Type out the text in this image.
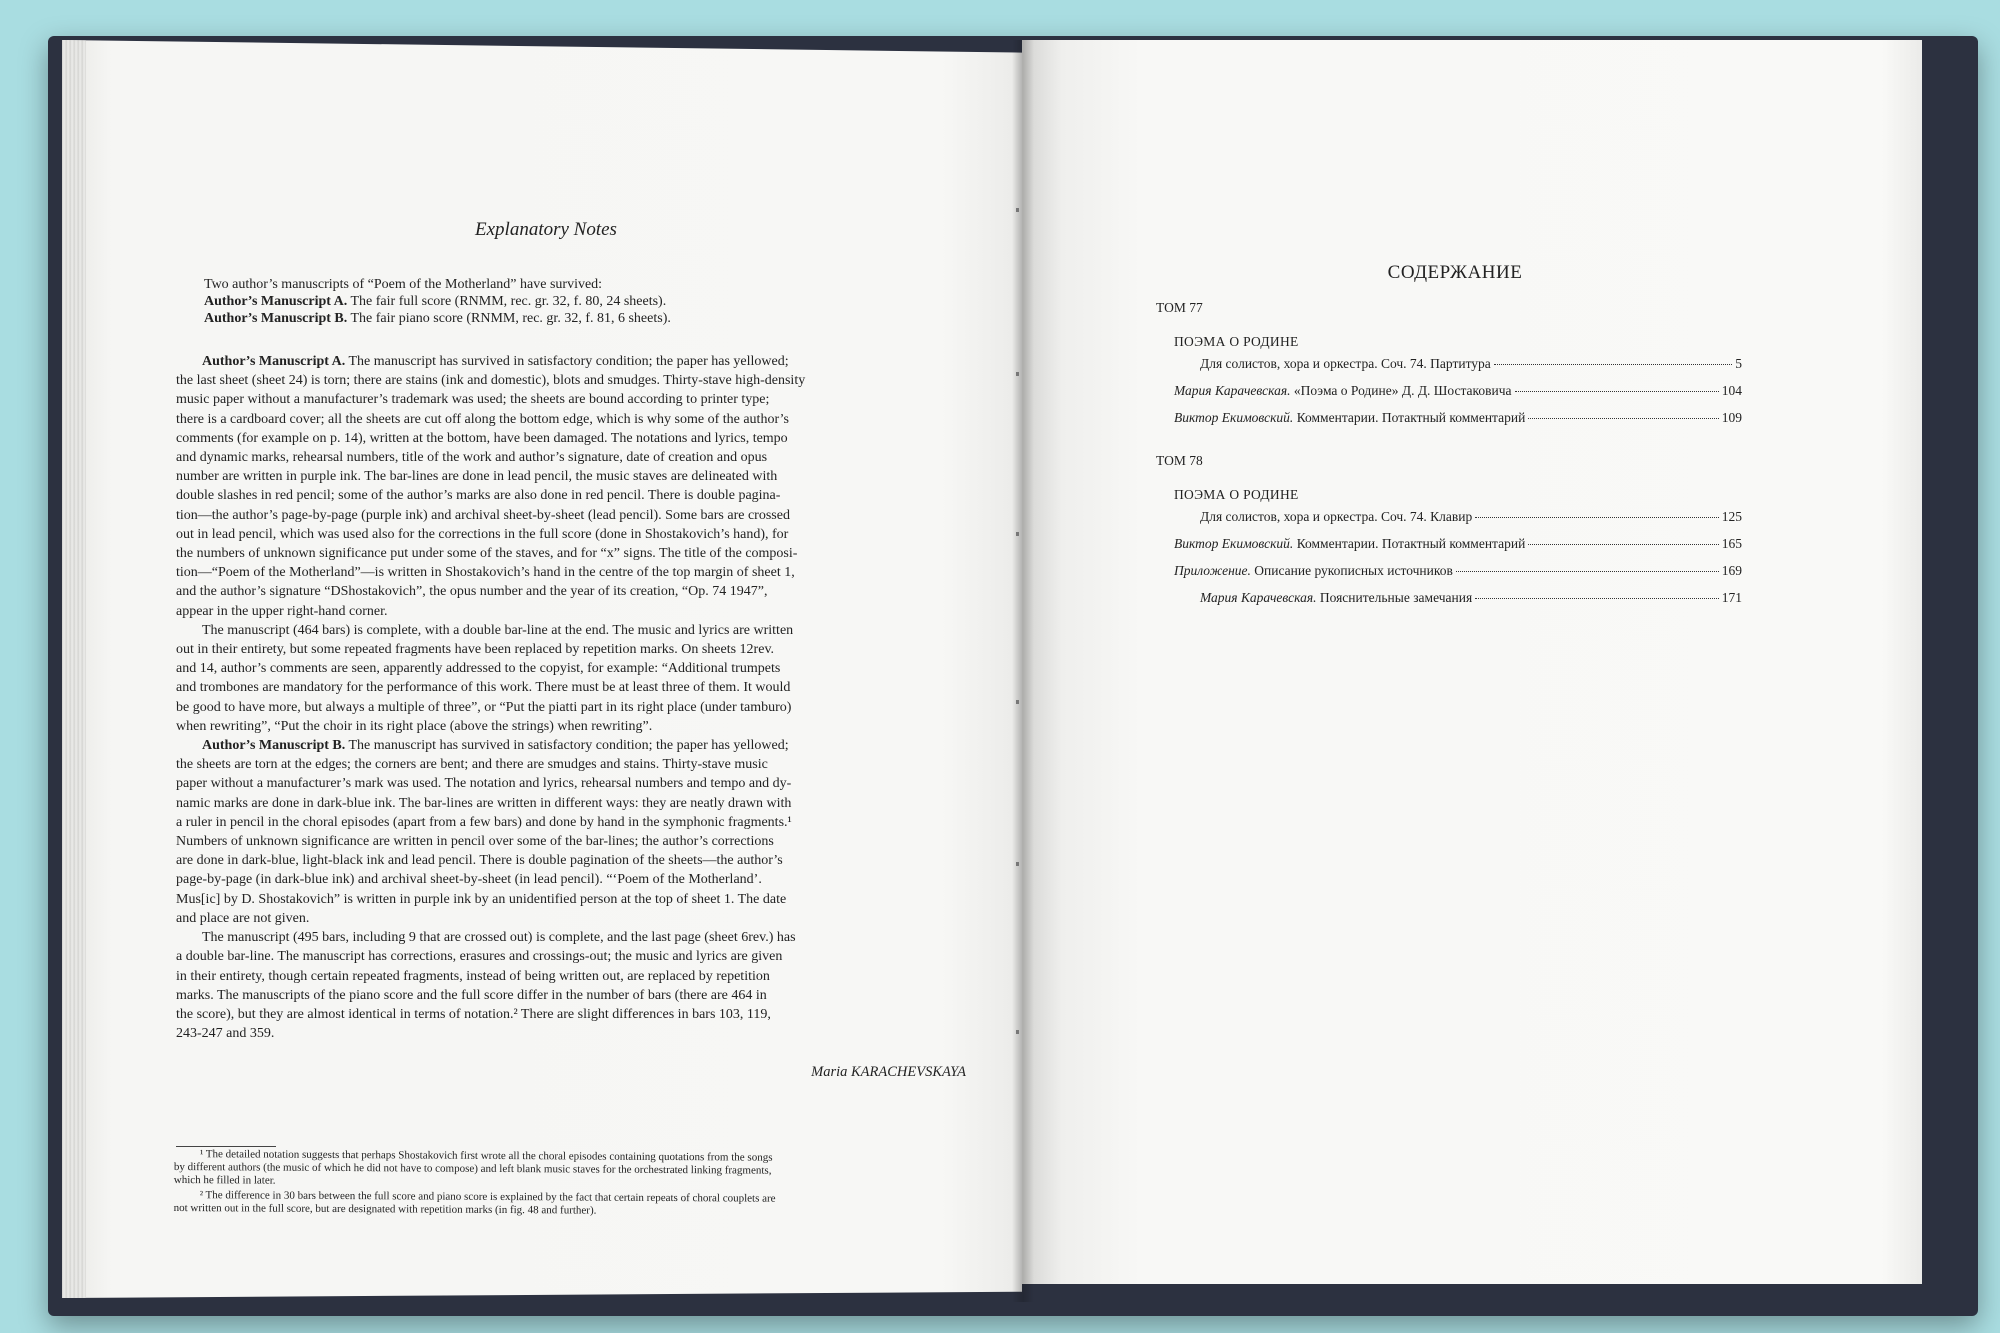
Explanatory Notes
Two author’s manuscripts of “Poem of the Motherland” have survived:
Author’s Manuscript A. The fair full score (RNMM, rec. gr. 32, f. 80, 24 sheets).
Author’s Manuscript B. The fair piano score (RNMM, rec. gr. 32, f. 81, 6 sheets).
Author’s Manuscript A. The manuscript has survived in satisfactory condition; the paper has yellowed;
the last sheet (sheet 24) is torn; there are stains (ink and domestic), blots and smudges. Thirty-stave high-density
music paper without a manufacturer’s trademark was used; the sheets are bound according to printer type;
there is a cardboard cover; all the sheets are cut off along the bottom edge, which is why some of the author’s
comments (for example on p. 14), written at the bottom, have been damaged. The notations and lyrics, tempo
and dynamic marks, rehearsal numbers, title of the work and author’s signature, date of creation and opus
number are written in purple ink. The bar-lines are done in lead pencil, the music staves are delineated with
double slashes in red pencil; some of the author’s marks are also done in red pencil. There is double pagina-
tion—the author’s page-by-page (purple ink) and archival sheet-by-sheet (lead pencil). Some bars are crossed
out in lead pencil, which was used also for the corrections in the full score (done in Shostakovich’s hand), for
the numbers of unknown significance put under some of the staves, and for “x” signs. The title of the composi-
tion—“Poem of the Motherland”—is written in Shostakovich’s hand in the centre of the top margin of sheet 1,
and the author’s signature “DShostakovich”, the opus number and the year of its creation, “Op. 74 1947”,
appear in the upper right-hand corner.
The manuscript (464 bars) is complete, with a double bar-line at the end. The music and lyrics are written
out in their entirety, but some repeated fragments have been replaced by repetition marks. On sheets 12rev.
and 14, author’s comments are seen, apparently addressed to the copyist, for example: “Additional trumpets
and trombones are mandatory for the performance of this work. There must be at least three of them. It would
be good to have more, but always a multiple of three”, or “Put the piatti part in its right place (under tamburo)
when rewriting”, “Put the choir in its right place (above the strings) when rewriting”.
Author’s Manuscript B. The manuscript has survived in satisfactory condition; the paper has yellowed;
the sheets are torn at the edges; the corners are bent; and there are smudges and stains. Thirty-stave music
paper without a manufacturer’s mark was used. The notation and lyrics, rehearsal numbers and tempo and dy-
namic marks are done in dark-blue ink. The bar-lines are written in different ways: they are neatly drawn with
a ruler in pencil in the choral episodes (apart from a few bars) and done by hand in the symphonic fragments.¹
Numbers of unknown significance are written in pencil over some of the bar-lines; the author’s corrections
are done in dark-blue, light-black ink and lead pencil. There is double pagination of the sheets—the author’s
page-by-page (in dark-blue ink) and archival sheet-by-sheet (in lead pencil). “‘Poem of the Motherland’.
Mus[ic] by D. Shostakovich” is written in purple ink by an unidentified person at the top of sheet 1. The date
and place are not given.
The manuscript (495 bars, including 9 that are crossed out) is complete, and the last page (sheet 6rev.) has
a double bar-line. The manuscript has corrections, erasures and crossings-out; the music and lyrics are given
in their entirety, though certain repeated fragments, instead of being written out, are replaced by repetition
marks. The manuscripts of the piano score and the full score differ in the number of bars (there are 464 in
the score), but they are almost identical in terms of notation.² There are slight differences in bars 103, 119,
243-247 and 359.
Maria KARACHEVSKAYA

¹ The detailed notation suggests that perhaps Shostakovich first wrote all the choral episodes containing quotations from the songs

by different authors (the music of which he did not have to compose) and left blank music staves for the orchestrated linking fragments,

which he filled in later.

² The difference in 30 bars between the full score and piano score is explained by the fact that certain repeats of choral couplets are

not written out in the full score, but are designated with repetition marks (in fig. 48 and further).

СОДЕРЖАНИЕ
ТОМ 77
ПОЭМА О РОДИНЕ
Для солистов, хора и оркестра. Соч. 74. Партитура	5
Мария Карачевская. «Поэма о Родине» Д. Д. Шостаковича	104
Виктор Екимовский. Комментарии. Потактный комментарий	109
ТОМ 78
ПОЭМА О РОДИНЕ
Для солистов, хора и оркестра. Соч. 74. Клавир	125
Виктор Екимовский. Комментарии. Потактный комментарий	165
Приложение. Описание рукописных источников	169
Мария Карачевская. Пояснительные замечания	171
